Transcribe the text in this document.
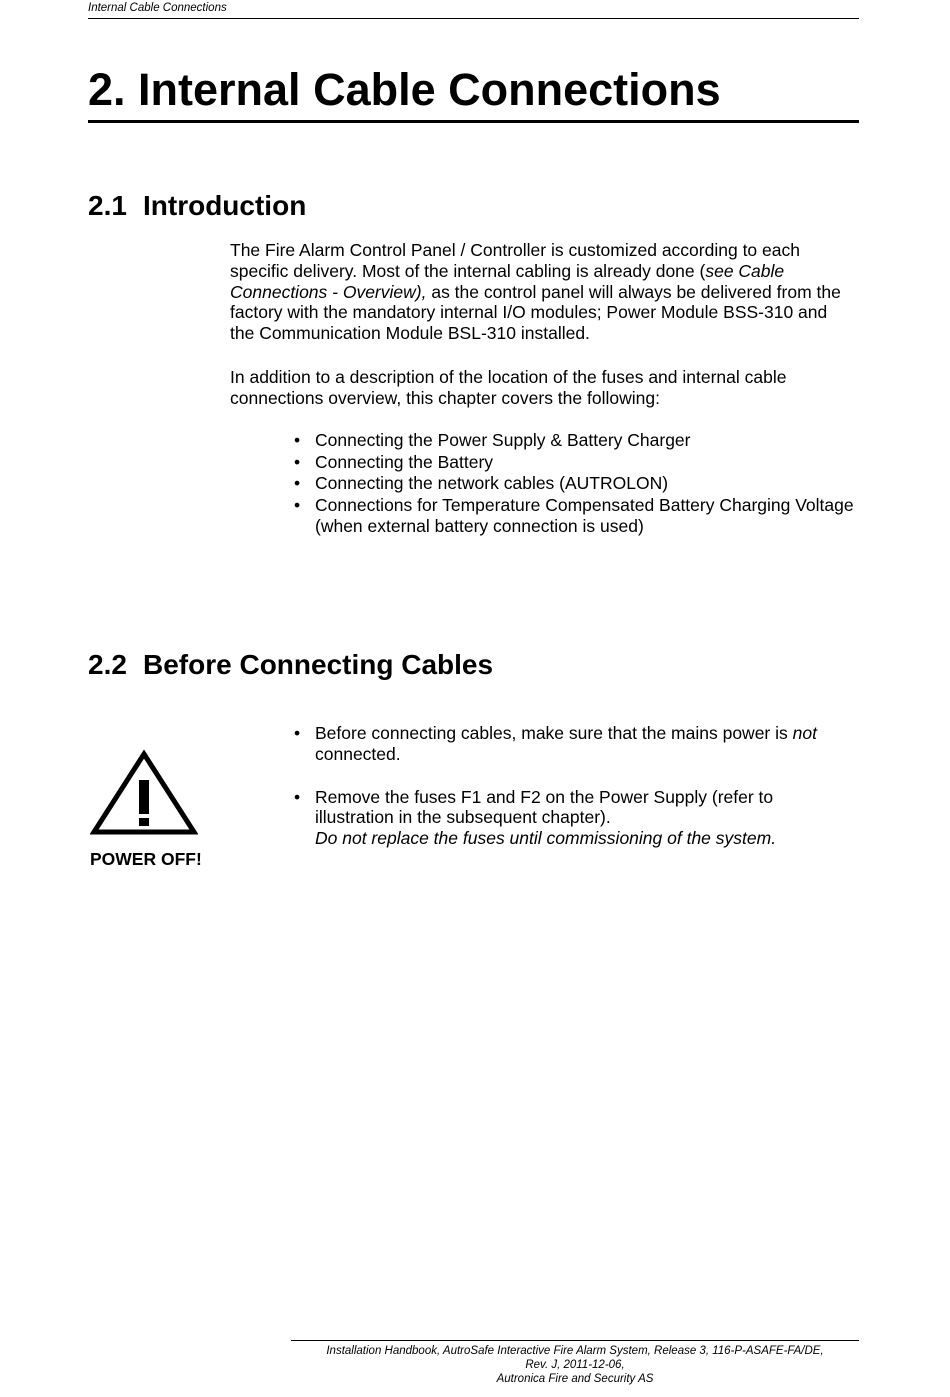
Internal Cable Connections
2. Internal Cable Connections
2.1 Introduction

The Fire Alarm Control Panel / Controller is customized according to each specific delivery. Most of the internal cabling is already done (see Cable Connections - Overview), as the control panel will always be delivered from the factory with the mandatory internal I/O modules; Power Module BSS-310 and the Communication Module BSL-310 installed.

In addition to a description of the location of the fuses and internal cable connections overview, this chapter covers the following:

• Connecting the Power Supply & Battery Charger
• Connecting the Battery
• Connecting the network cables (AUTROLON)
• Connections for Temperature Compensated Battery Charging Voltage (when external battery connection is used)
2.2 Before Connecting Cables
POWER OFF!
• Before connecting cables, make sure that the mains power is not connected.
• Remove the fuses F1 and F2 on the Power Supply (refer to illustration in the subsequent chapter).
Do not replace the fuses until commissioning of the system.
Installation Handbook, AutroSafe Interactive Fire Alarm System, Release 3, 116-P-ASAFE-FA/DE,
Rev. J, 2011-12-06,
Autronica Fire and Security AS
